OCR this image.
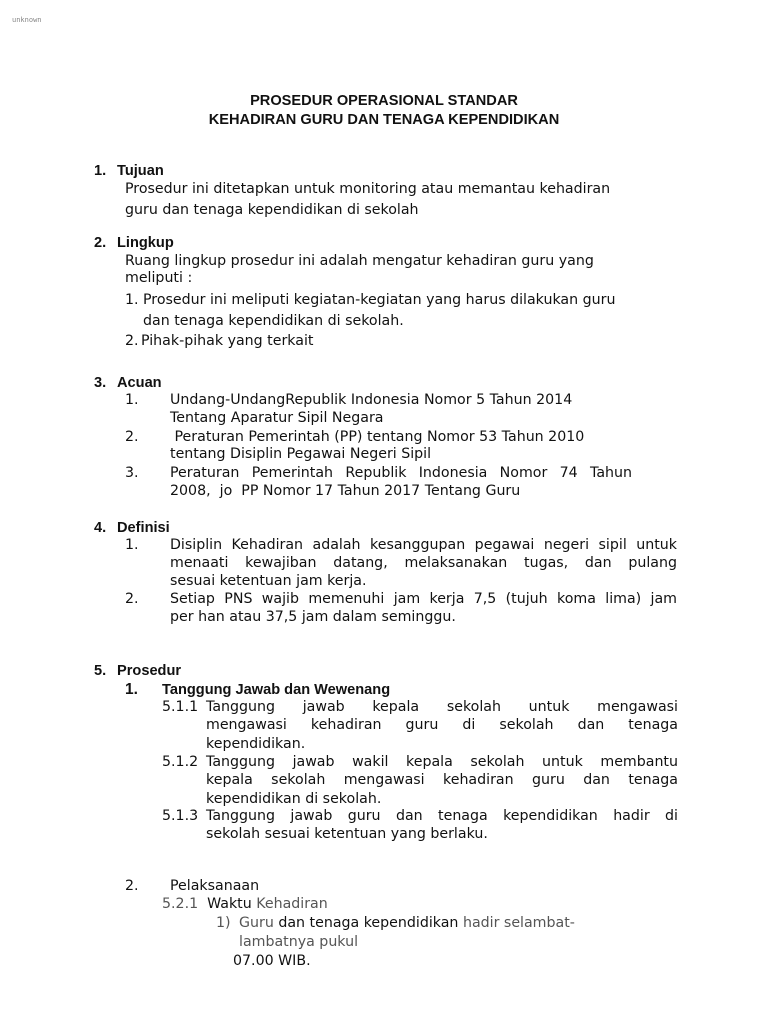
unknown
PROSEDUR OPERASIONAL STANDAR
KEHADIRAN GURU DAN TENAGA KEPENDIDIKAN
1. Tujuan
Prosedur ini ditetapkan untuk monitoring atau memantau kehadiran
guru dan tenaga kependidikan di sekolah
2. Lingkup
Ruang lingkup prosedur ini adalah mengatur kehadiran guru yang
meliputi :
1. Prosedur ini meliputi kegiatan-kegiatan yang harus dilakukan guru
dan tenaga kependidikan di sekolah.
2. Pihak-pihak yang terkait
3. Acuan
1. Undang-UndangRepublik Indonesia Nomor 5 Tahun 2014
Tentang Aparatur Sipil Negara
2. Peraturan Pemerintah (PP) tentang Nomor 53 Tahun 2010
tentang Disiplin Pegawai Negeri Sipil
3. Peraturan Pemerintah Republik Indonesia Nomor 74 Tahun
2008,  jo  PP Nomor 17 Tahun 2017 Tentang Guru
4. Definisi
1. Disiplin Kehadiran adalah kesanggupan pegawai negeri sipil untuk
menaati kewajiban datang, melaksanakan tugas, dan pulang
sesuai ketentuan jam kerja.
2. Setiap PNS wajib memenuhi jam kerja 7,5 (tujuh koma lima) jam
per han atau 37,5 jam dalam seminggu.
5. Prosedur
1. Tanggung Jawab dan Wewenang
5.1.1 Tanggung jawab kepala sekolah untuk mengawasi
mengawasi kehadiran guru di sekolah dan tenaga
kependidikan.
5.1.2 Tanggung jawab wakil kepala sekolah untuk membantu
kepala sekolah mengawasi kehadiran guru dan tenaga
kependidikan di sekolah.
5.1.3 Tanggung jawab guru dan tenaga kependidikan hadir di
sekolah sesuai ketentuan yang berlaku.
2. Pelaksanaan
5.2.1 Waktu Kehadiran
1) Guru dan tenaga kependidikan hadir selambat-
lambatnya pukul
07.00 WIB.
